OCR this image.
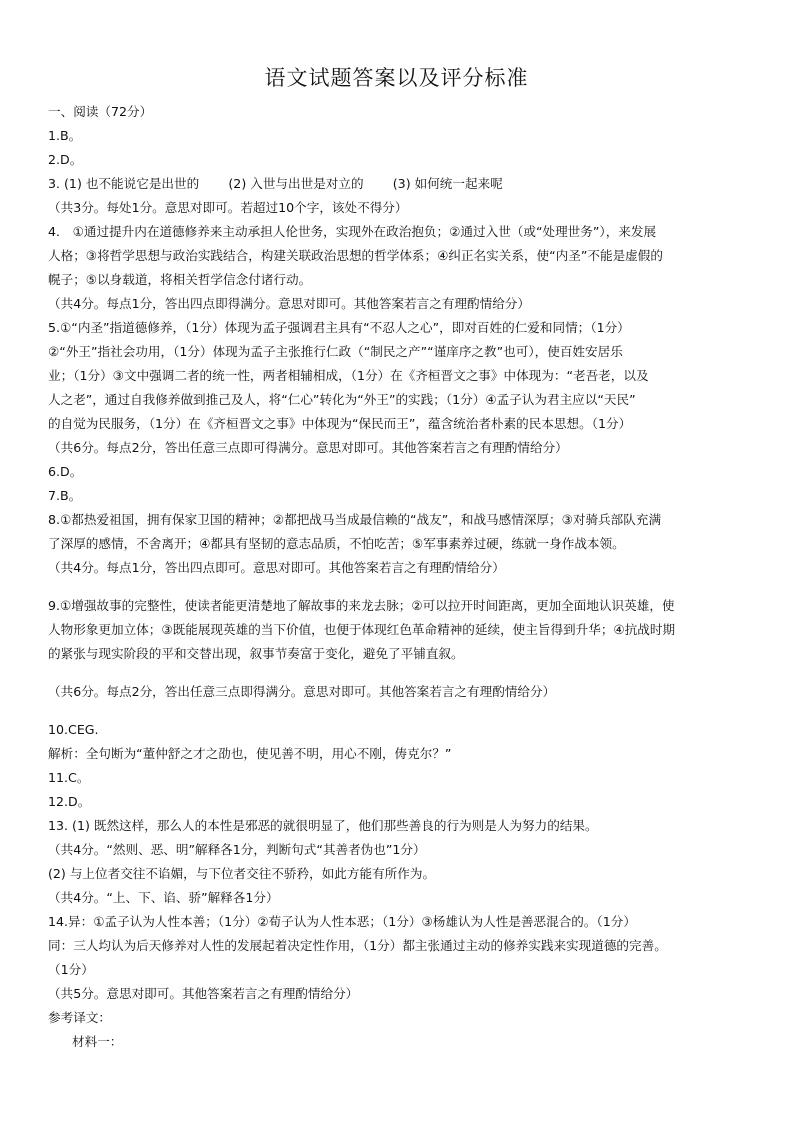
语文试题答案以及评分标准
一、阅读（72分）
1.B。
2.D。
3. (1) 也不能说它是出世的　　 (2) 入世与出世是对立的　　 (3) 如何统一起来呢
（共3分。每处1分。意思对即可。若超过10个字，该处不得分）
4.　①通过提升内在道德修养来主动承担人伦世务，实现外在政治抱负；②通过入世（或“处理世务”），来发展
人格；③将哲学思想与政治实践结合，构建关联政治思想的哲学体系；④纠正名实关系，使“内圣”不能是虚假的
幌子；⑤以身载道，将相关哲学信念付诸行动。
（共4分。每点1分，答出四点即得满分。意思对即可。其他答案若言之有理酌情给分）
5.①“内圣”指道德修养，（1分）体现为孟子强调君主具有“不忍人之心”，即对百姓的仁爱和同情；（1分）
②“外王”指社会功用，（1分）体现为孟子主张推行仁政（“制民之产”“谨庠序之教”也可），使百姓安居乐
业；（1分）③文中强调二者的统一性，两者相辅相成，（1分）在《齐桓晋文之事》中体现为：“老吾老，以及
人之老”，通过自我修养做到推己及人，将“仁心”转化为“外王”的实践；（1分）④孟子认为君主应以“天民”
的自觉为民服务，（1分）在《齐桓晋文之事》中体现为“保民而王”，蕴含统治者朴素的民本思想。（1分）
（共6分。每点2分，答出任意三点即可得满分。意思对即可。其他答案若言之有理酌情给分）
6.D。
7.B。
8.①都热爱祖国，拥有保家卫国的精神；②都把战马当成最信赖的“战友”，和战马感情深厚；③对骑兵部队充满
了深厚的感情，不舍离开；④都具有坚韧的意志品质，不怕吃苦；⑤军事素养过硬，练就一身作战本领。
（共4分。每点1分，答出四点即可。意思对即可。其他答案若言之有理酌情给分）
9.①增强故事的完整性，使读者能更清楚地了解故事的来龙去脉；②可以拉开时间距离，更加全面地认识英雄，使
人物形象更加立体；③既能展现英雄的当下价值，也便于体现红色革命精神的延续，使主旨得到升华；④抗战时期
的紧张与现实阶段的平和交替出现，叙事节奏富于变化，避免了平铺直叙。
（共6分。每点2分，答出任意三点即得满分。意思对即可。其他答案若言之有理酌情给分）
10.CEG.
解析：全句断为“董仲舒之才之劭也，使见善不明，用心不刚，俦克尔？”
11.C。
12.D。
13. (1) 既然这样，那么人的本性是邪恶的就很明显了，他们那些善良的行为则是人为努力的结果。
（共4分。“然则、恶、明”解释各1分，判断句式“其善者伪也”1分）
(2) 与上位者交往不谄媚，与下位者交往不骄矜，如此方能有所作为。
（共4分。“上、下、谄、骄”解释各1分）
14.异：①孟子认为人性本善；（1分）②荀子认为人性本恶；（1分）③杨雄认为人性是善恶混合的。（1分）
同：三人均认为后天修养对人性的发展起着决定性作用，（1分）都主张通过主动的修养实践来实现道德的完善。
（1分）
（共5分。意思对即可。其他答案若言之有理酌情给分）
参考译文：
材料一：
